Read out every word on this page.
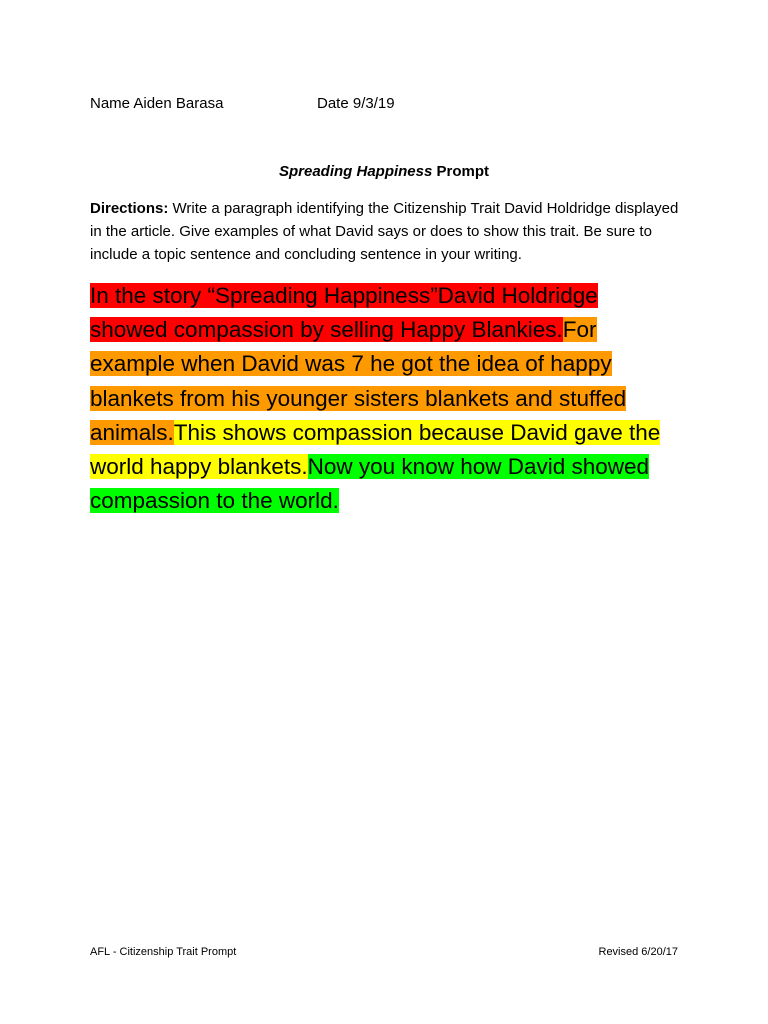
Name Aiden Barasa	Date 9/3/19
Spreading Happiness Prompt
Directions: Write a paragraph identifying the Citizenship Trait David Holdridge displayed in the article. Give examples of what David says or does to show this trait. Be sure to include a topic sentence and concluding sentence in your writing.
In the story “Spreading Happiness”David Holdridge showed compassion by selling Happy Blankies.For example when David was 7 he got the idea of happy blankets from his younger sisters blankets and stuffed animals.This shows compassion because David gave the world happy blankets.Now you know how David showed compassion to the world.
AFL - Citizenship Trait Prompt	Revised 6/20/17
